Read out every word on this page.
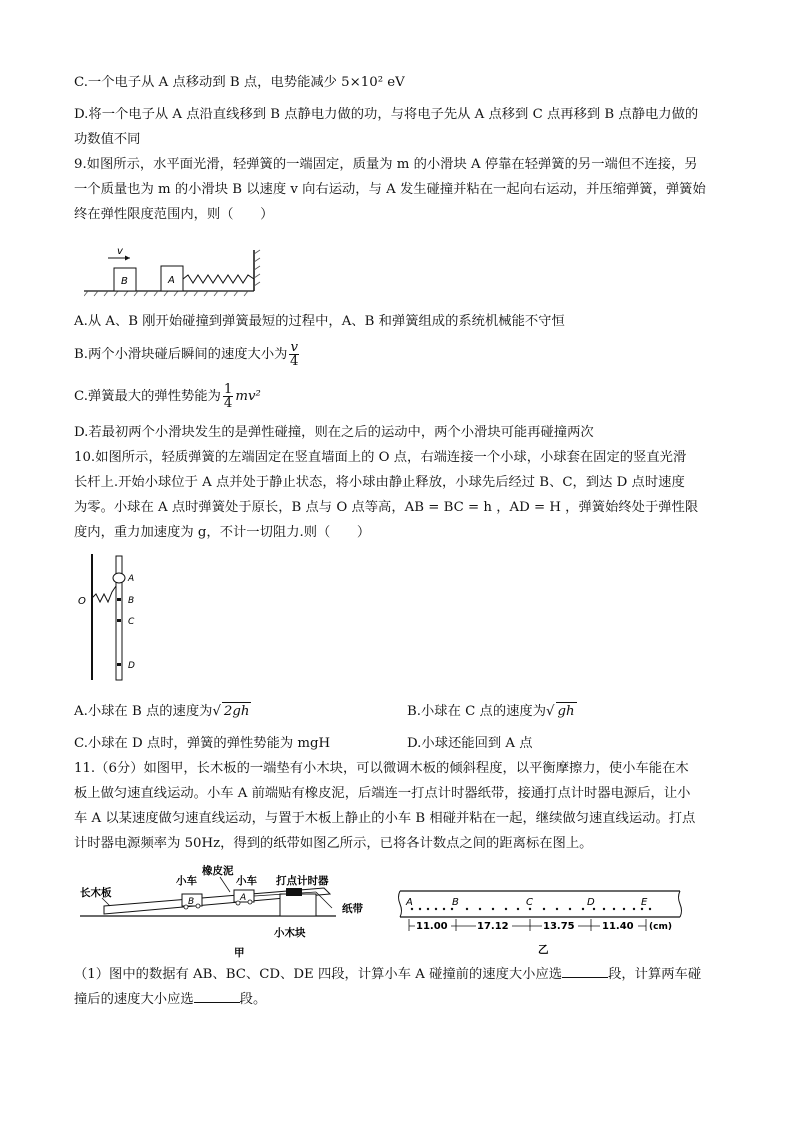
C.一个电子从 A 点移动到 B 点，电势能减少 5×10² eV
D.将一个电子从 A 点沿直线移到 B 点静电力做的功，与将电子先从 A 点移到 C 点再移到 B 点静电力做的
功数值不同
9.如图所示，水平面光滑，轻弹簧的一端固定，质量为 m 的小滑块 A 停靠在轻弹簧的另一端但不连接，另
一个质量也为 m 的小滑块 B 以速度 v 向右运动，与 A 发生碰撞并粘在一起向右运动，并压缩弹簧，弹簧始
终在弹性限度范围内，则（　　）
v
B	A
A.从 A、B 刚开始碰撞到弹簧最短的过程中，A、B 和弹簧组成的系统机械能不守恒
B.两个小滑块碰后瞬间的速度大小为 $\frac{v}{4}$
C.弹簧最大的弹性势能为 $\frac{1}{4} mv^2$
D.若最初两个小滑块发生的是弹性碰撞，则在之后的运动中，两个小滑块可能再碰撞两次
10.如图所示，轻质弹簧的左端固定在竖直墙面上的 O 点，右端连接一个小球，小球套在固定的竖直光滑
长杆上.开始小球位于 A 点并处于静止状态，将小球由静止释放，小球先后经过 B、C，到达 D 点时速度
为零。小球在 A 点时弹簧处于原长，B 点与 O 点等高，AB = BC = h ，AD = H ，弹簧始终处于弹性限
度内，重力加速度为 g，不计一切阻力.则（　　）
O
A
B
C
D
A.小球在 B 点的速度为√ 2gh	B.小球在 C 点的速度为√ gh
C.小球在 D 点时，弹簧的弹性势能为 mgH	D.小球还能回到 A 点
11.（6分）如图甲，长木板的一端垫有小木块，可以微调木板的倾斜程度，以平衡摩擦力，使小车能在木
板上做匀速直线运动。小车 A 前端贴有橡皮泥，后端连一打点计时器纸带，接通打点计时器电源后，让小
车 A 以某速度做匀速直线运动，与置于木板上静止的小车 B 相碰并粘在一起，继续做匀速直线运动。打点
计时器电源频率为 50Hz，得到的纸带如图乙所示，已将各计数点之间的距离标在图上。
长木板
小车
B
橡皮泥
小车
A
打点计时器
纸带
小木块
甲
A	B	C	D	E
11.00	17.12	13.75	11.40 (cm)
乙
（1）图中的数据有 AB、BC、CD、DE 四段，计算小车 A 碰撞前的速度大小应选	段，计算两车碰
撞后的速度大小应选	段。
